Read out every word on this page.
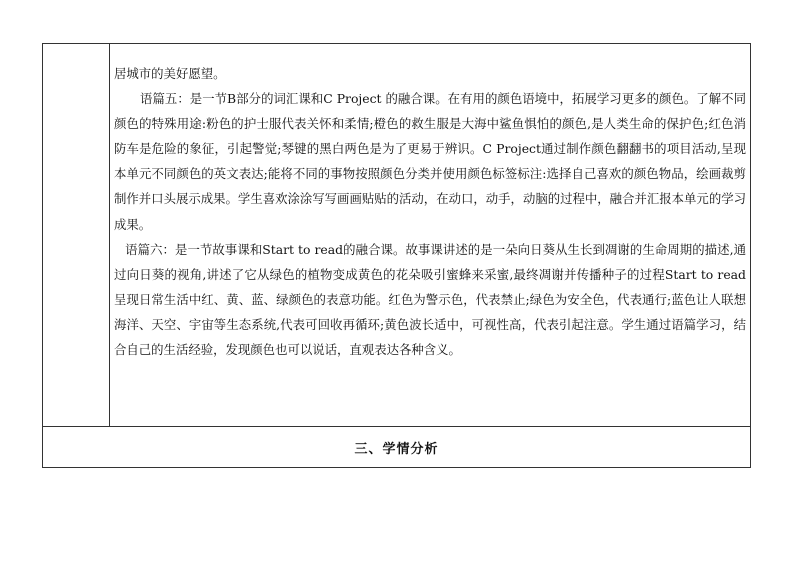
居城市的美好愿望。

语篇五：是一节B部分的词汇课和C Project 的融合课。在有用的颜色语境中，拓展学习更多的颜色。了解不同颜色的特殊用途:粉色的护士服代表关怀和柔情;橙色的救生服是大海中鲨鱼惧怕的颜色,是人类生命的保护色;红色消防车是危险的象征，引起警觉;琴键的黑白两色是为了更易于辨识。C Project通过制作颜色翻翻书的项目活动,呈现本单元不同颜色的英文表达;能将不同的事物按照颜色分类并使用颜色标签标注:选择自己喜欢的颜色物品，绘画裁剪制作并口头展示成果。学生喜欢涂涂写写画画贴贴的活动，在动口，动手，动脑的过程中，融合并汇报本单元的学习成果。

语篇六：是一节故事课和Start to read的融合课。故事课讲述的是一朵向日葵从生长到凋谢的生命周期的描述,通过向日葵的视角,讲述了它从绿色的植物变成黄色的花朵吸引蜜蜂来采蜜,最终凋谢并传播种子的过程Start to read呈现日常生活中红、黄、蓝、绿颜色的表意功能。红色为警示色，代表禁止;绿色为安全色，代表通行;蓝色让人联想海洋、天空、宇宙等生态系统,代表可回收再循环;黄色波长适中，可视性高，代表引起注意。学生通过语篇学习，结合自己的生活经验，发现颜色也可以说话，直观表达各种含义。

三、学情分析
